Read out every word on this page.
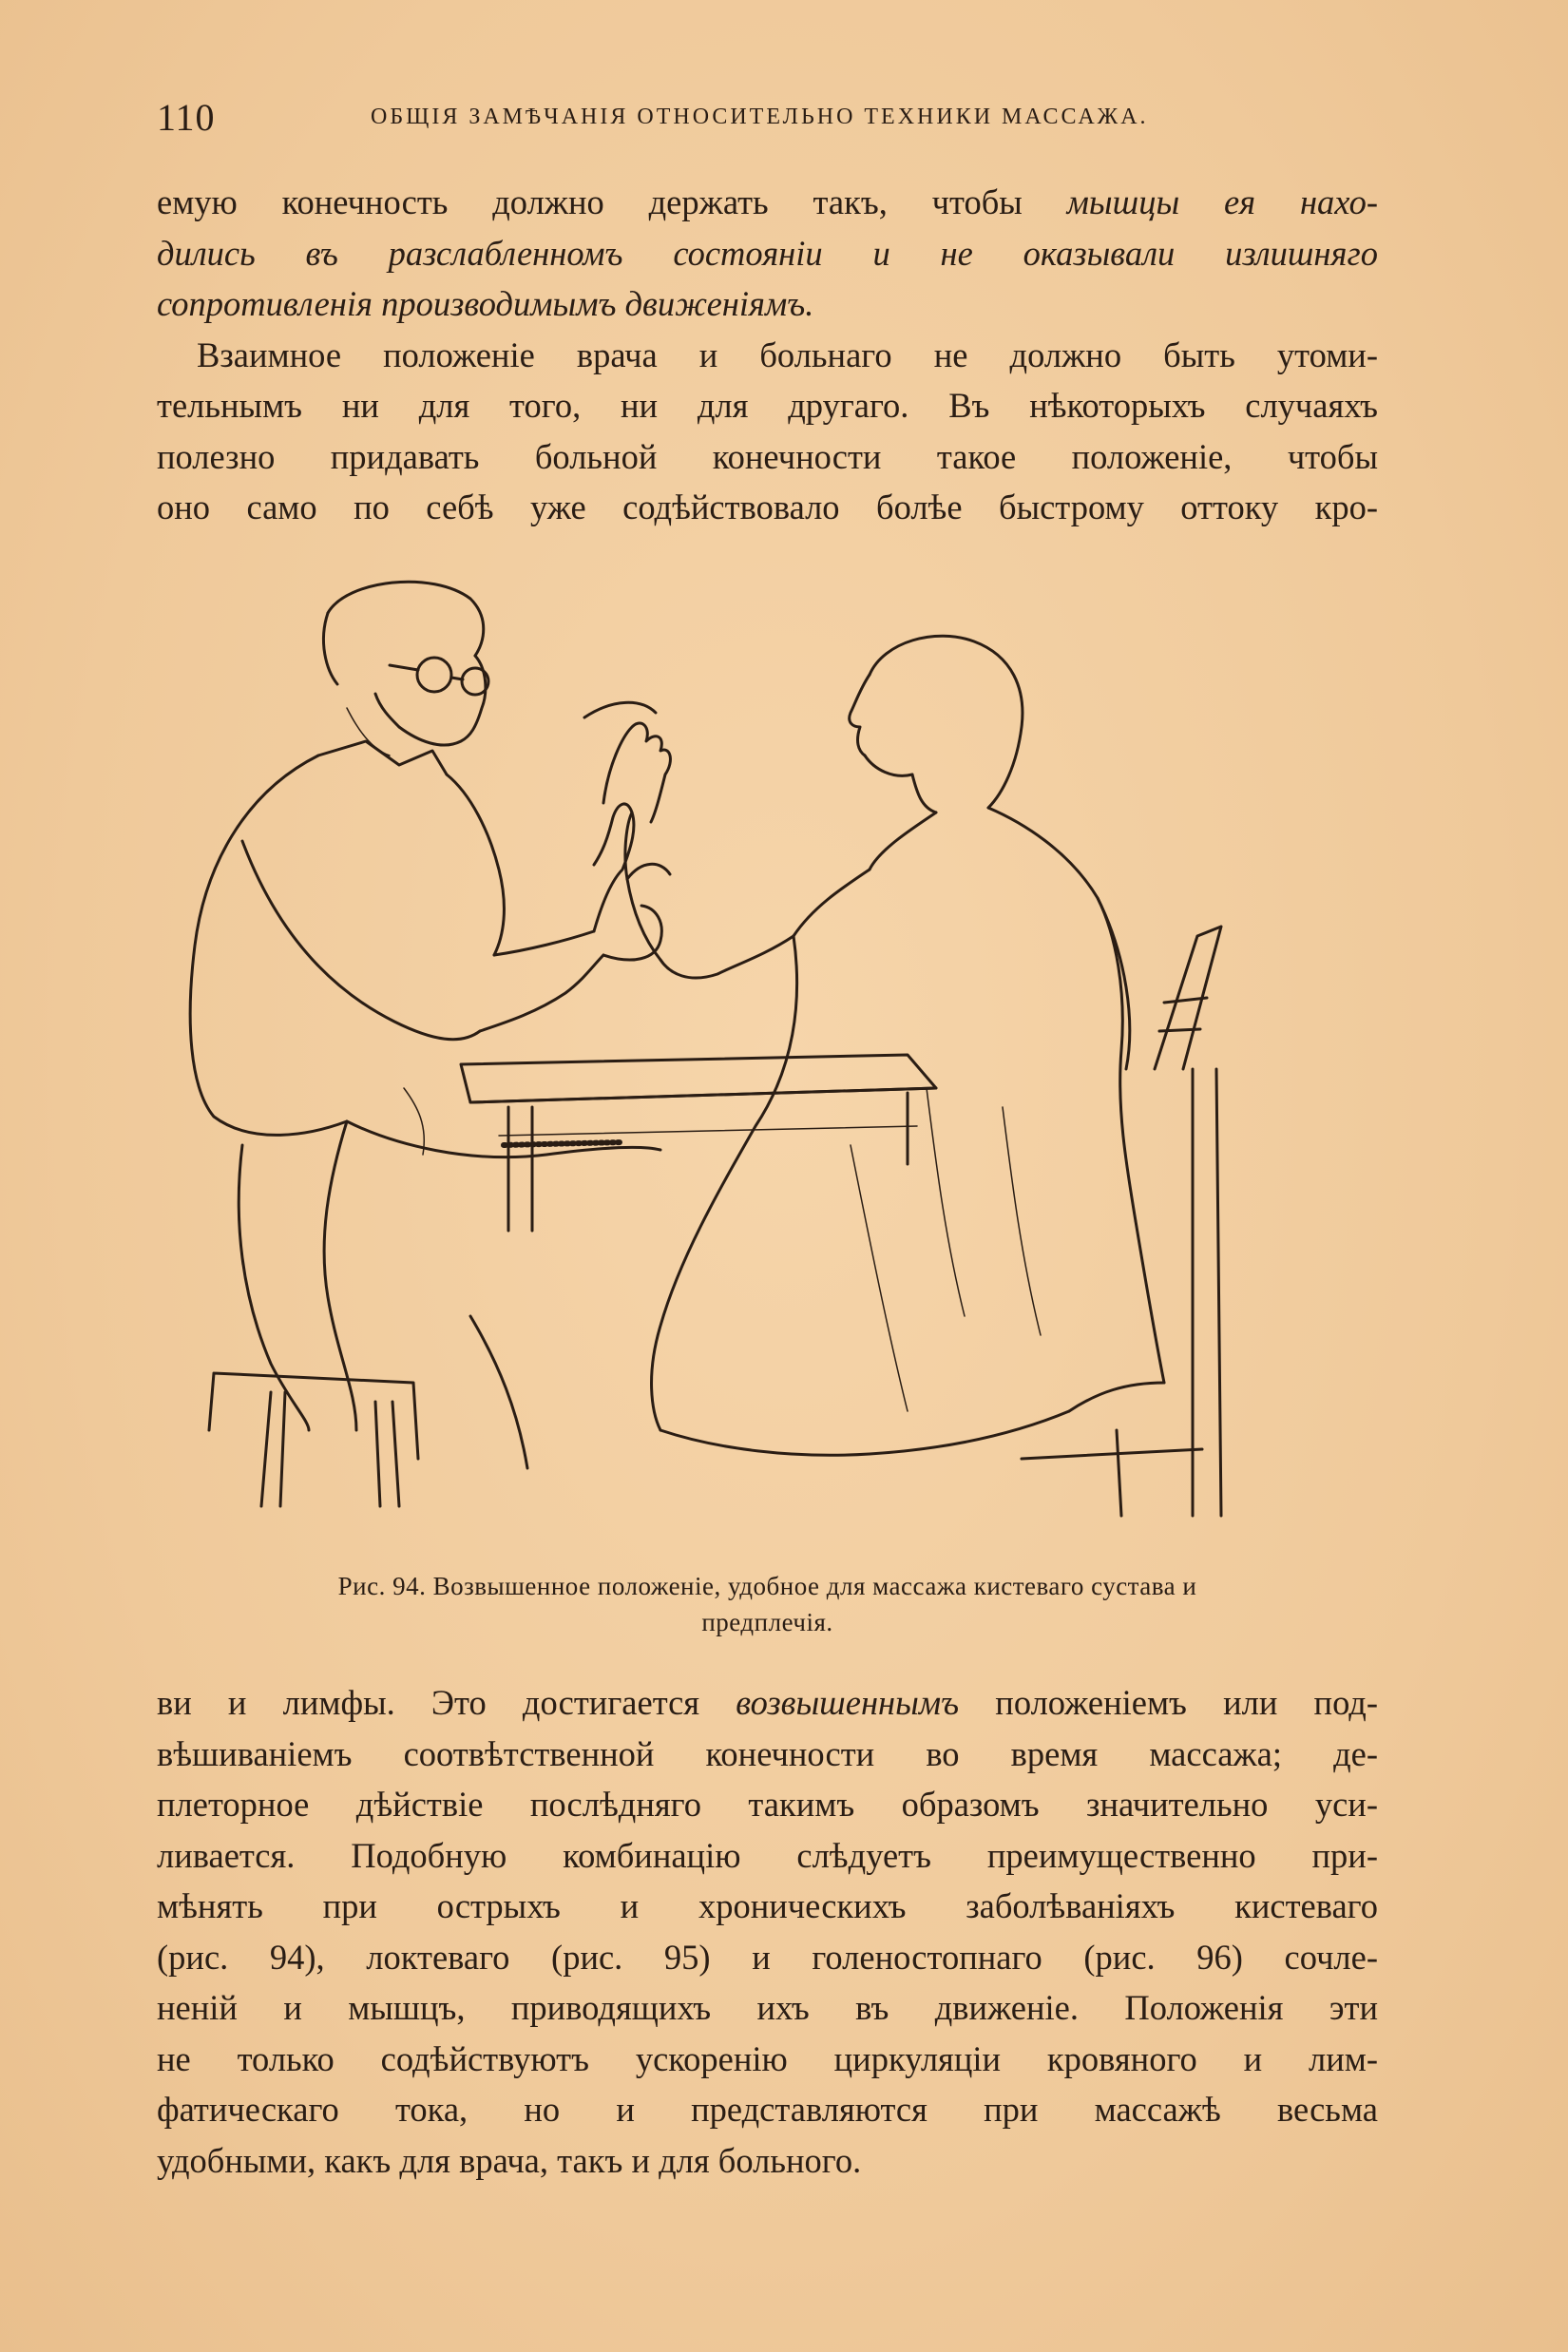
110	ОБЩІЯ ЗАМѢЧАНІЯ ОТНОСИТЕЛЬНО ТЕХНИКИ МАССАЖА.

емую конечность должно держать такъ, чтобы мышцы ея нахо-

дились въ разслабленномъ состояніи и не оказывали излишняго

сопротивленія производимымъ движеніямъ.

Взаимное положеніе врача и больнаго не должно быть утоми-

тельнымъ ни для того, ни для другаго. Въ нѣкоторыхъ случаяхъ

полезно придавать больной конечности такое положеніе, чтобы

оно само по себѣ уже содѣйствовало болѣе быстрому оттоку кро-

Рис. 94. Возвышенное положеніе, удобное для массажа кистеваго сустава и
предплечія.

ви и лимфы. Это достигается возвышеннымъ положеніемъ или под-

вѣшиваніемъ соотвѣтственной конечности во время массажа; де-

плеторное дѣйствіе послѣдняго такимъ образомъ значительно уси-

ливается. Подобную комбинацію слѣдуетъ преимущественно при-

мѣнять при острыхъ и хроническихъ заболѣваніяхъ кистеваго

(рис. 94), локтеваго (рис. 95) и голеностопнаго (рис. 96) сочле-

неній и мышцъ, приводящихъ ихъ въ движеніе. Положенія эти

не только содѣйствуютъ ускоренію циркуляціи кровяного и лим-

фатическаго тока, но и представляются при массажѣ весьма

удобными, какъ для врача, такъ и для больного.
